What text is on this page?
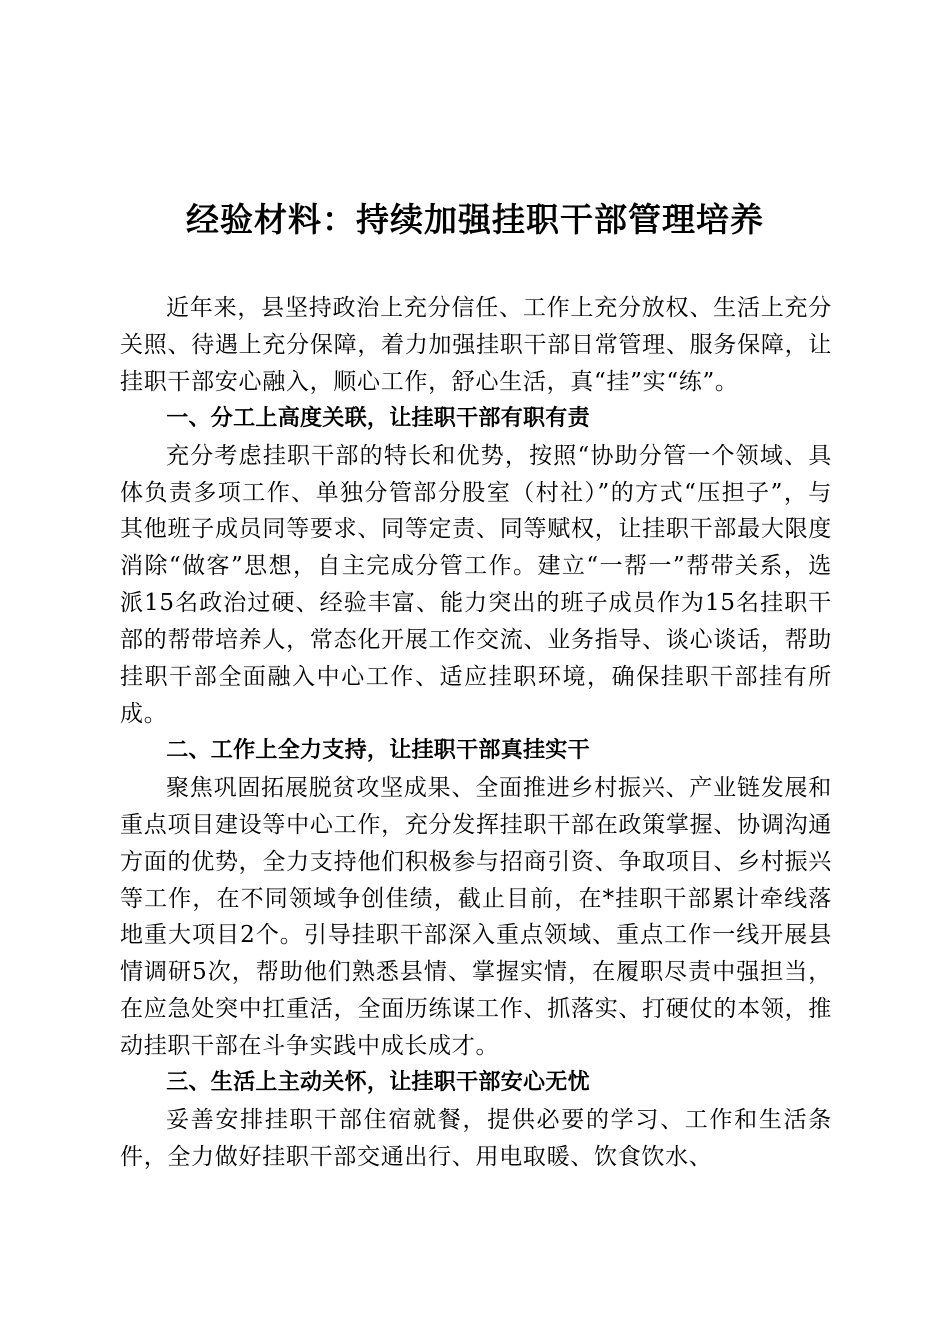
经验材料：持续加强挂职干部管理培养

近年来，县坚持政治上充分信任、工作上充分放权、生活上充分关照、待遇上充分保障，着力加强挂职干部日常管理、服务保障，让挂职干部安心融入，顺心工作，舒心生活，真“挂”实“练”。

一、分工上高度关联，让挂职干部有职有责

充分考虑挂职干部的特长和优势，按照“协助分管一个领域、具体负责多项工作、单独分管部分股室（村社）”的方式“压担子”，与其他班子成员同等要求、同等定责、同等赋权，让挂职干部最大限度消除“做客”思想，自主完成分管工作。建立“一帮一”帮带关系，选派15名政治过硬、经验丰富、能力突出的班子成员作为15名挂职干部的帮带培养人，常态化开展工作交流、业务指导、谈心谈话，帮助挂职干部全面融入中心工作、适应挂职环境，确保挂职干部挂有所成。

二、工作上全力支持，让挂职干部真挂实干

聚焦巩固拓展脱贫攻坚成果、全面推进乡村振兴、产业链发展和重点项目建设等中心工作，充分发挥挂职干部在政策掌握、协调沟通方面的优势，全力支持他们积极参与招商引资、争取项目、乡村振兴等工作，在不同领域争创佳绩，截止目前，在*挂职干部累计牵线落地重大项目2个。引导挂职干部深入重点领域、重点工作一线开展县情调研5次，帮助他们熟悉县情、掌握实情，在履职尽责中强担当，在应急处突中扛重活，全面历练谋工作、抓落实、打硬仗的本领，推动挂职干部在斗争实践中成长成才。

三、生活上主动关怀，让挂职干部安心无忧

妥善安排挂职干部住宿就餐，提供必要的学习、工作和生活条件，全力做好挂职干部交通出行、用电取暖、饮食饮水、
